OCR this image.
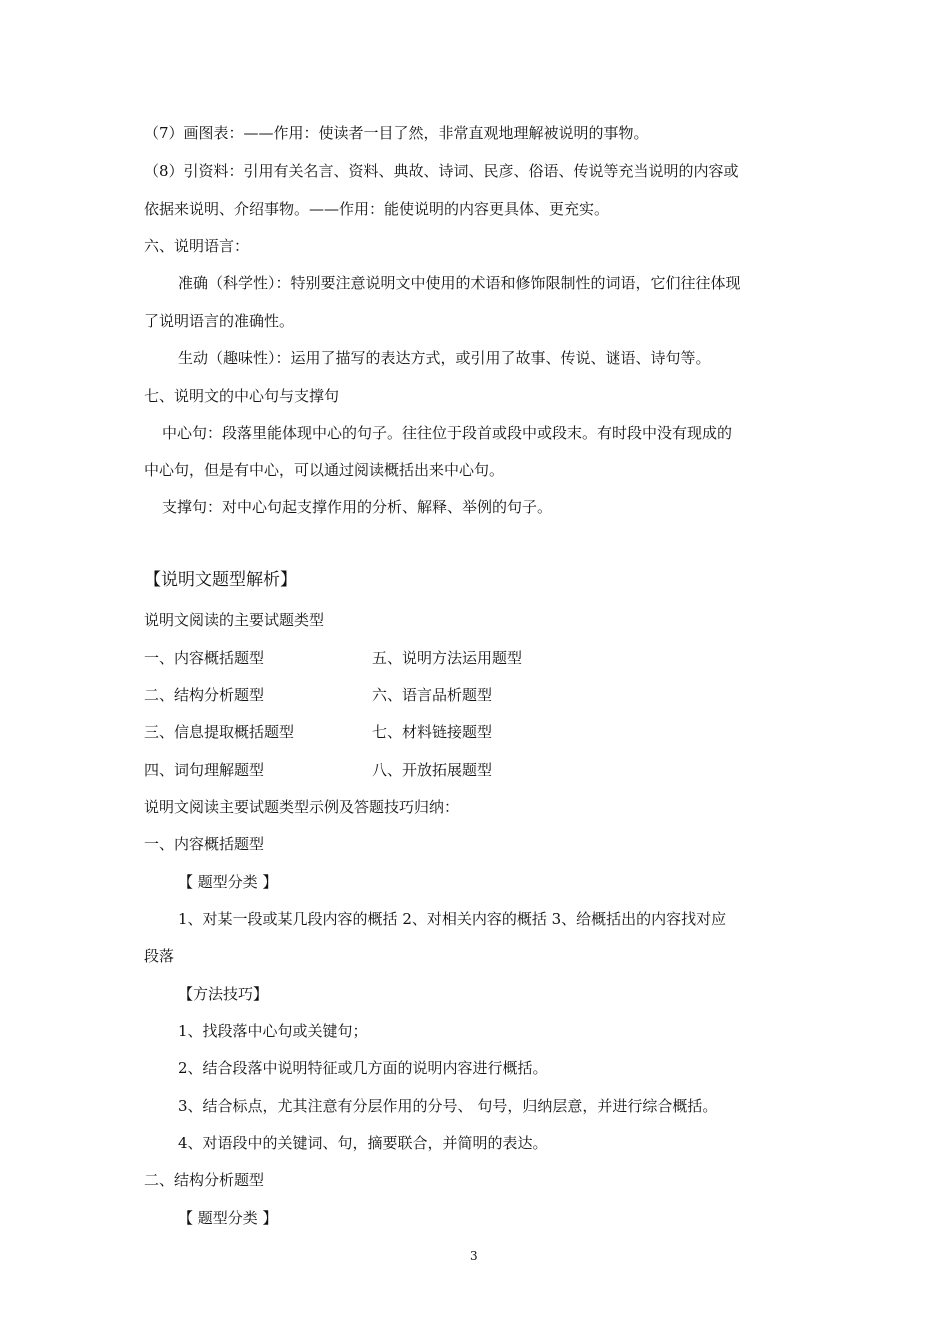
（7）画图表：——作用：使读者一目了然，非常直观地理解被说明的事物。
（8）引资料：引用有关名言、资料、典故、诗词、民彦、俗语、传说等充当说明的内容或
依据来说明、介绍事物。——作用：能使说明的内容更具体、更充实。
六、说明语言：
准确（科学性）：特别要注意说明文中使用的术语和修饰限制性的词语，它们往往体现
了说明语言的准确性。
生动（趣味性）：运用了描写的表达方式，或引用了故事、传说、谜语、诗句等。
七、说明文的中心句与支撑句
中心句：段落里能体现中心的句子。往往位于段首或段中或段末。有时段中没有现成的
中心句，但是有中心，可以通过阅读概括出来中心句。
支撑句：对中心句起支撑作用的分析、解释、举例的句子。
【说明文题型解析】
说明文阅读的主要试题类型
一、内容概括题型	五、说明方法运用题型
二、结构分析题型	六、语言品析题型
三、信息提取概括题型	七、材料链接题型
四、词句理解题型	八、开放拓展题型
说明文阅读主要试题类型示例及答题技巧归纳：
一、内容概括题型
【 题型分类 】
1、对某一段或某几段内容的概括 2、对相关内容的概括 3、给概括出的内容找对应
段落
【方法技巧】
1、找段落中心句或关键句；
2、结合段落中说明特征或几方面的说明内容进行概括。
3、结合标点，尤其注意有分层作用的分号、 句号，归纳层意，并进行综合概括。
4、对语段中的关键词、句，摘要联合，并简明的表达。
二、结构分析题型
【 题型分类 】
3
